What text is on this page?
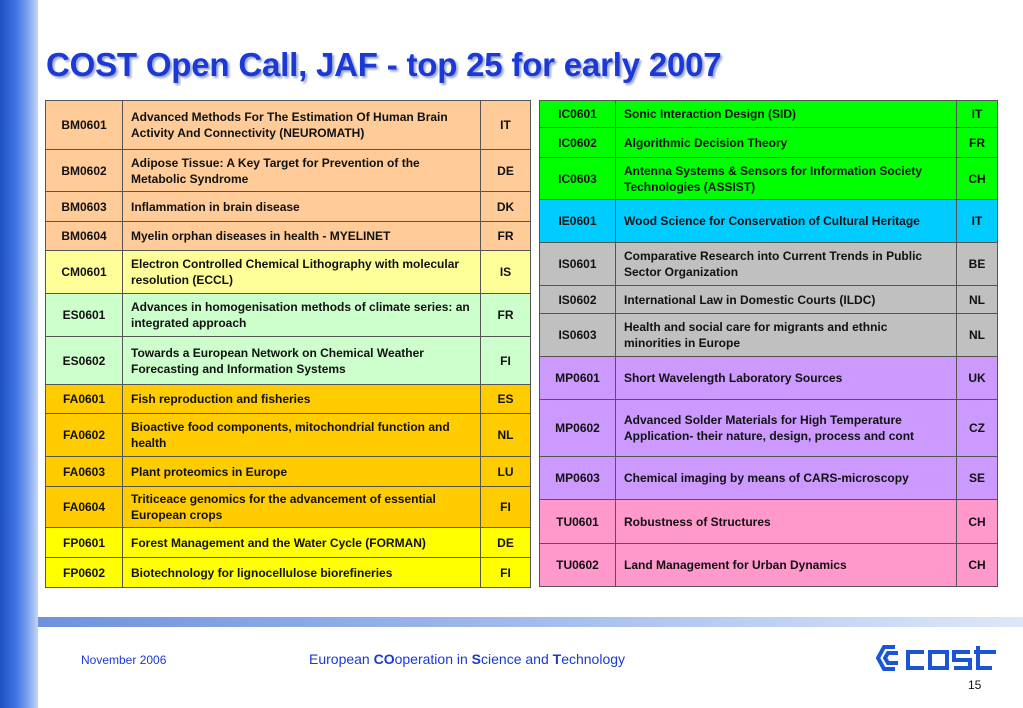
COST Open Call, JAF - top 25 for early 2007
BM0601	Advanced Methods For The Estimation Of Human Brain Activity And Connectivity (NEUROMATH)	IT
BM0602	Adipose Tissue: A Key Target for Prevention of the Metabolic Syndrome	DE
BM0603	Inflammation in brain disease	DK
BM0604	Myelin orphan diseases in health - MYELINET	FR
CM0601	Electron Controlled Chemical Lithography with molecular resolution (ECCL)	IS
ES0601	Advances in homogenisation methods of climate series: an integrated approach	FR
ES0602	Towards a European Network on Chemical Weather Forecasting and Information Systems	FI
FA0601	Fish reproduction and fisheries	ES
FA0602	Bioactive food components, mitochondrial function and health	NL
FA0603	Plant proteomics in Europe	LU
FA0604	Triticeace genomics for the advancement of essential European crops	FI
FP0601	Forest Management and the Water Cycle (FORMAN)	DE
FP0602	Biotechnology for lignocellulose biorefineries	FI
IC0601	Sonic Interaction Design (SID)	IT
IC0602	Algorithmic Decision Theory	FR
IC0603	Antenna Systems & Sensors for Information Society Technologies (ASSIST)	CH
IE0601	Wood Science for Conservation of Cultural Heritage	IT
IS0601	Comparative Research into Current Trends in Public Sector Organization	BE
IS0602	International Law in Domestic Courts (ILDC)	NL
IS0603	Health and social care for migrants and ethnic minorities in Europe	NL
MP0601	Short Wavelength Laboratory Sources	UK
MP0602	Advanced Solder Materials for High Temperature Application- their nature, design, process and cont	CZ
MP0603	Chemical imaging by means of CARS-microscopy	SE
TU0601	Robustness of Structures	CH
TU0602	Land Management for Urban Dynamics	CH
November 2006	European COoperation in Science and Technology
15
